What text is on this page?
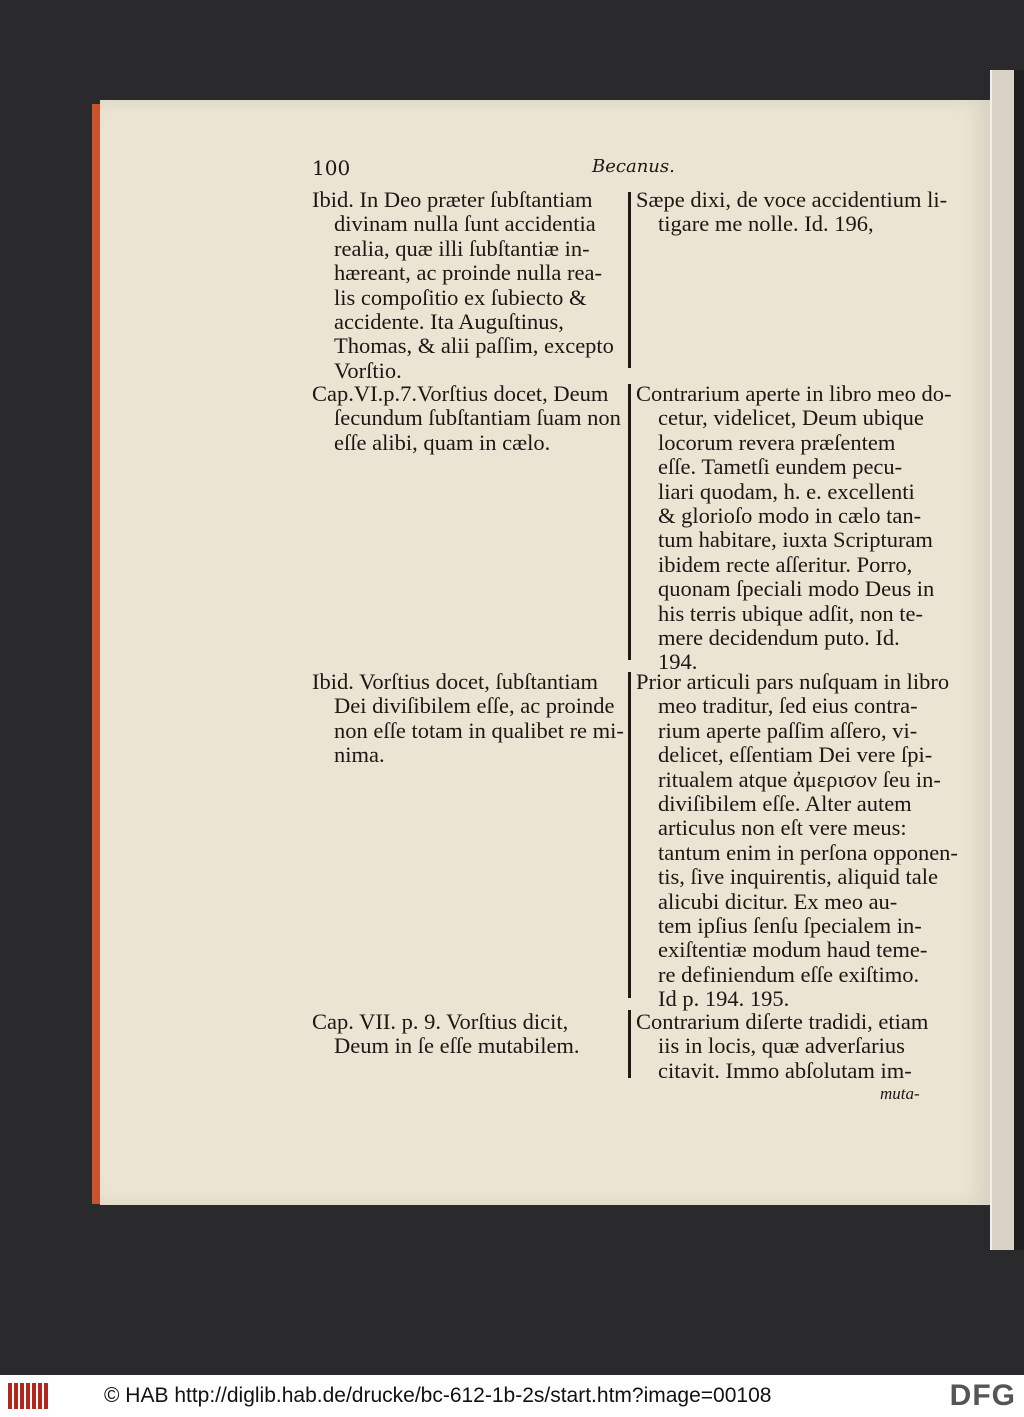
100	Becanus.
Ibid. In Deo præter ſubſtantiam
divinam nulla ſunt accidentia
realia, quæ illi ſubſtantiæ in-
hæreant, ac proinde nulla rea-
lis compoſitio ex ſubiecto &
accidente. Ita Auguſtinus,
Thomas, & alii paſſim, excepto
Vorſtio.
Sæpe dixi, de voce accidentium li-
tigare me nolle. Id. 196,
Cap.VI.p.7.Vorſtius docet, Deum
ſecundum ſubſtantiam ſuam non
eſſe alibi, quam in cælo.
Contrarium aperte in libro meo do-
cetur, videlicet, Deum ubique
locorum revera præſentem
eſſe. Tametſi eundem pecu-
liari quodam, h. e. excellenti
& glorioſo modo in cælo tan-
tum habitare, iuxta Scripturam
ibidem recte aſſeritur. Porro,
quonam ſpeciali modo Deus in
his terris ubique adſit, non te-
mere decidendum puto. Id.
194.
Ibid. Vorſtius docet, ſubſtantiam
Dei diviſibilem eſſe, ac proinde
non eſſe totam in qualibet re mi-
nima.
Prior articuli pars nuſquam in libro
meo traditur, ſed eius contra-
rium aperte paſſim aſſero, vi-
delicet, eſſentiam Dei vere ſpi-
ritualem atque ἀμερισον ſeu in-
diviſibilem eſſe. Alter autem
articulus non eſt vere meus:
tantum enim in perſona opponen-
tis, ſive inquirentis, aliquid tale
alicubi dicitur. Ex meo au-
tem ipſius ſenſu ſpecialem in-
exiſtentiæ modum haud teme-
re definiendum eſſe exiſtimo.
Id p. 194. 195.
Cap. VII. p. 9. Vorſtius dicit,
Deum in ſe eſſe mutabilem.
Contrarium diſerte tradidi, etiam
iis in locis, quæ adverſarius
citavit. Immo abſolutam im-
muta-
© HAB http://diglib.hab.de/drucke/bc-612-1b-2s/start.htm?image=00108	DFG
